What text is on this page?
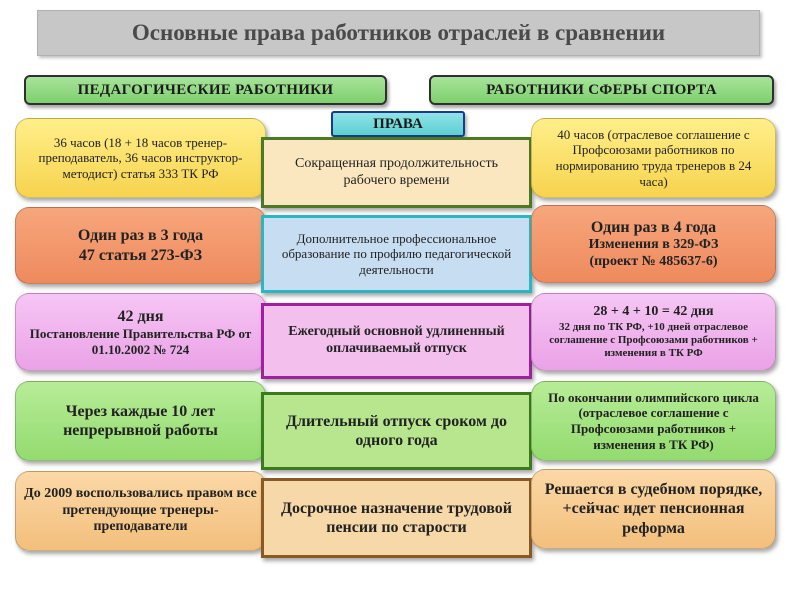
Основные права работников отраслей в сравнении
ПЕДАГОГИЧЕСКИЕ РАБОТНИКИ	РАБОТНИКИ СФЕРЫ СПОРТА
ПРАВА
36 часов (18 + 18 часов тренер-преподаватель, 36 часов инструктор-методист) статья 333 ТК РФ
Сокращенная продолжительность рабочего времени
40 часов (отраслевое соглашение с Профсоюзами работников по нормированию труда тренеров в 24 часа)
Один раз в 3 года
47 статья 273-ФЗ
Дополнительное профессиональное образование по профилю педагогической деятельности
Один раз в 4 года
Изменения в 329-ФЗ
(проект № 485637-6)
42 дня
Постановление Правительства РФ от 01.10.2002 № 724
Ежегодный основной удлиненный оплачиваемый отпуск
28 + 4 + 10 = 42 дня
32 дня по ТК РФ, +10 дней отраслевое соглашение с Профсоюзами работников + изменения в ТК РФ
Через каждые 10 лет непрерывной работы
Длительный отпуск сроком до одного года
По окончании олимпийского цикла (отраслевое соглашение с Профсоюзами работников + изменения в ТК РФ)
До 2009 воспользовались правом все претендующие тренеры-преподаватели
Досрочное назначение трудовой пенсии по старости
Решается в судебном порядке, +сейчас идет пенсионная реформа
